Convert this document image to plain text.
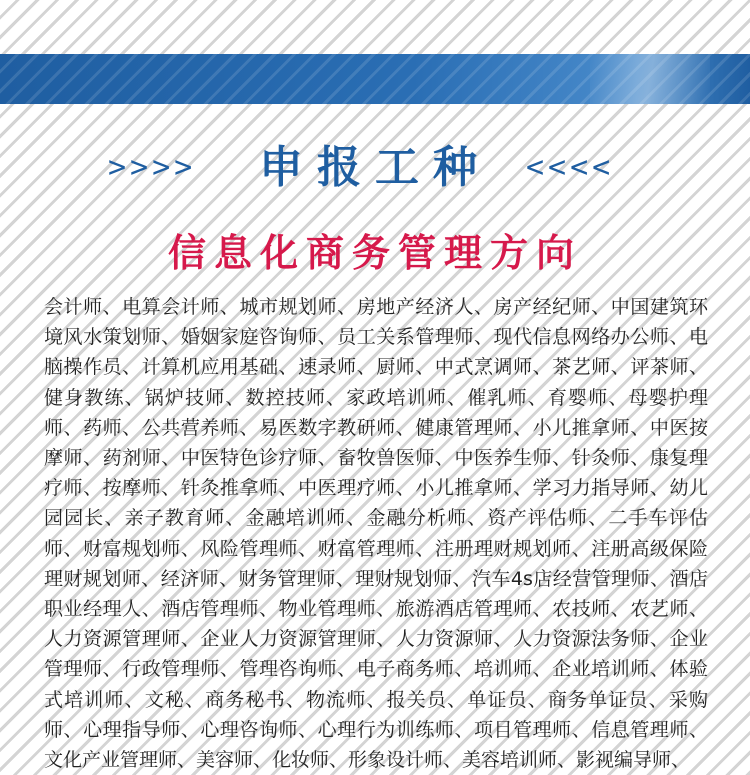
>>>>	申报工种	<<<<
信息化商务管理方向

会计师、电算会计师、城市规划师、房地产经济人、房产经纪师、中国建筑环境风水策划师、婚姻家庭咨询师、员工关系管理师、现代信息网络办公师、电脑操作员、计算机应用基础、速录师、厨师、中式烹调师、茶艺师、评茶师、健身教练、锅炉技师、数控技师、家政培训师、催乳师、育婴师、母婴护理师、药师、公共营养师、易医数字教研师、健康管理师、小儿推拿师、中医按摩师、药剂师、中医特色诊疗师、畜牧兽医师、中医养生师、针灸师、康复理疗师、按摩师、针灸推拿师、中医理疗师、小儿推拿师、学习力指导师、幼儿园园长、亲子教育师、金融培训师、金融分析师、资产评估师、二手车评估师、财富规划师、风险管理师、财富管理师、注册理财规划师、注册高级保险理财规划师、经济师、财务管理师、理财规划师、汽车4s店经营管理师、酒店职业经理人、酒店管理师、物业管理师、旅游酒店管理师、农技师、农艺师、人力资源管理师、企业人力资源管理师、人力资源师、人力资源法务师、企业管理师、行政管理师、管理咨询师、电子商务师、培训师、企业培训师、体验式培训师、文秘、商务秘书、物流师、报关员、单证员、商务单证员、采购师、心理指导师、心理咨询师、心理行为训练师、项目管理师、信息管理师、文化产业管理师、美容师、化妆师、形象设计师、美容培训师、影视编导师、
